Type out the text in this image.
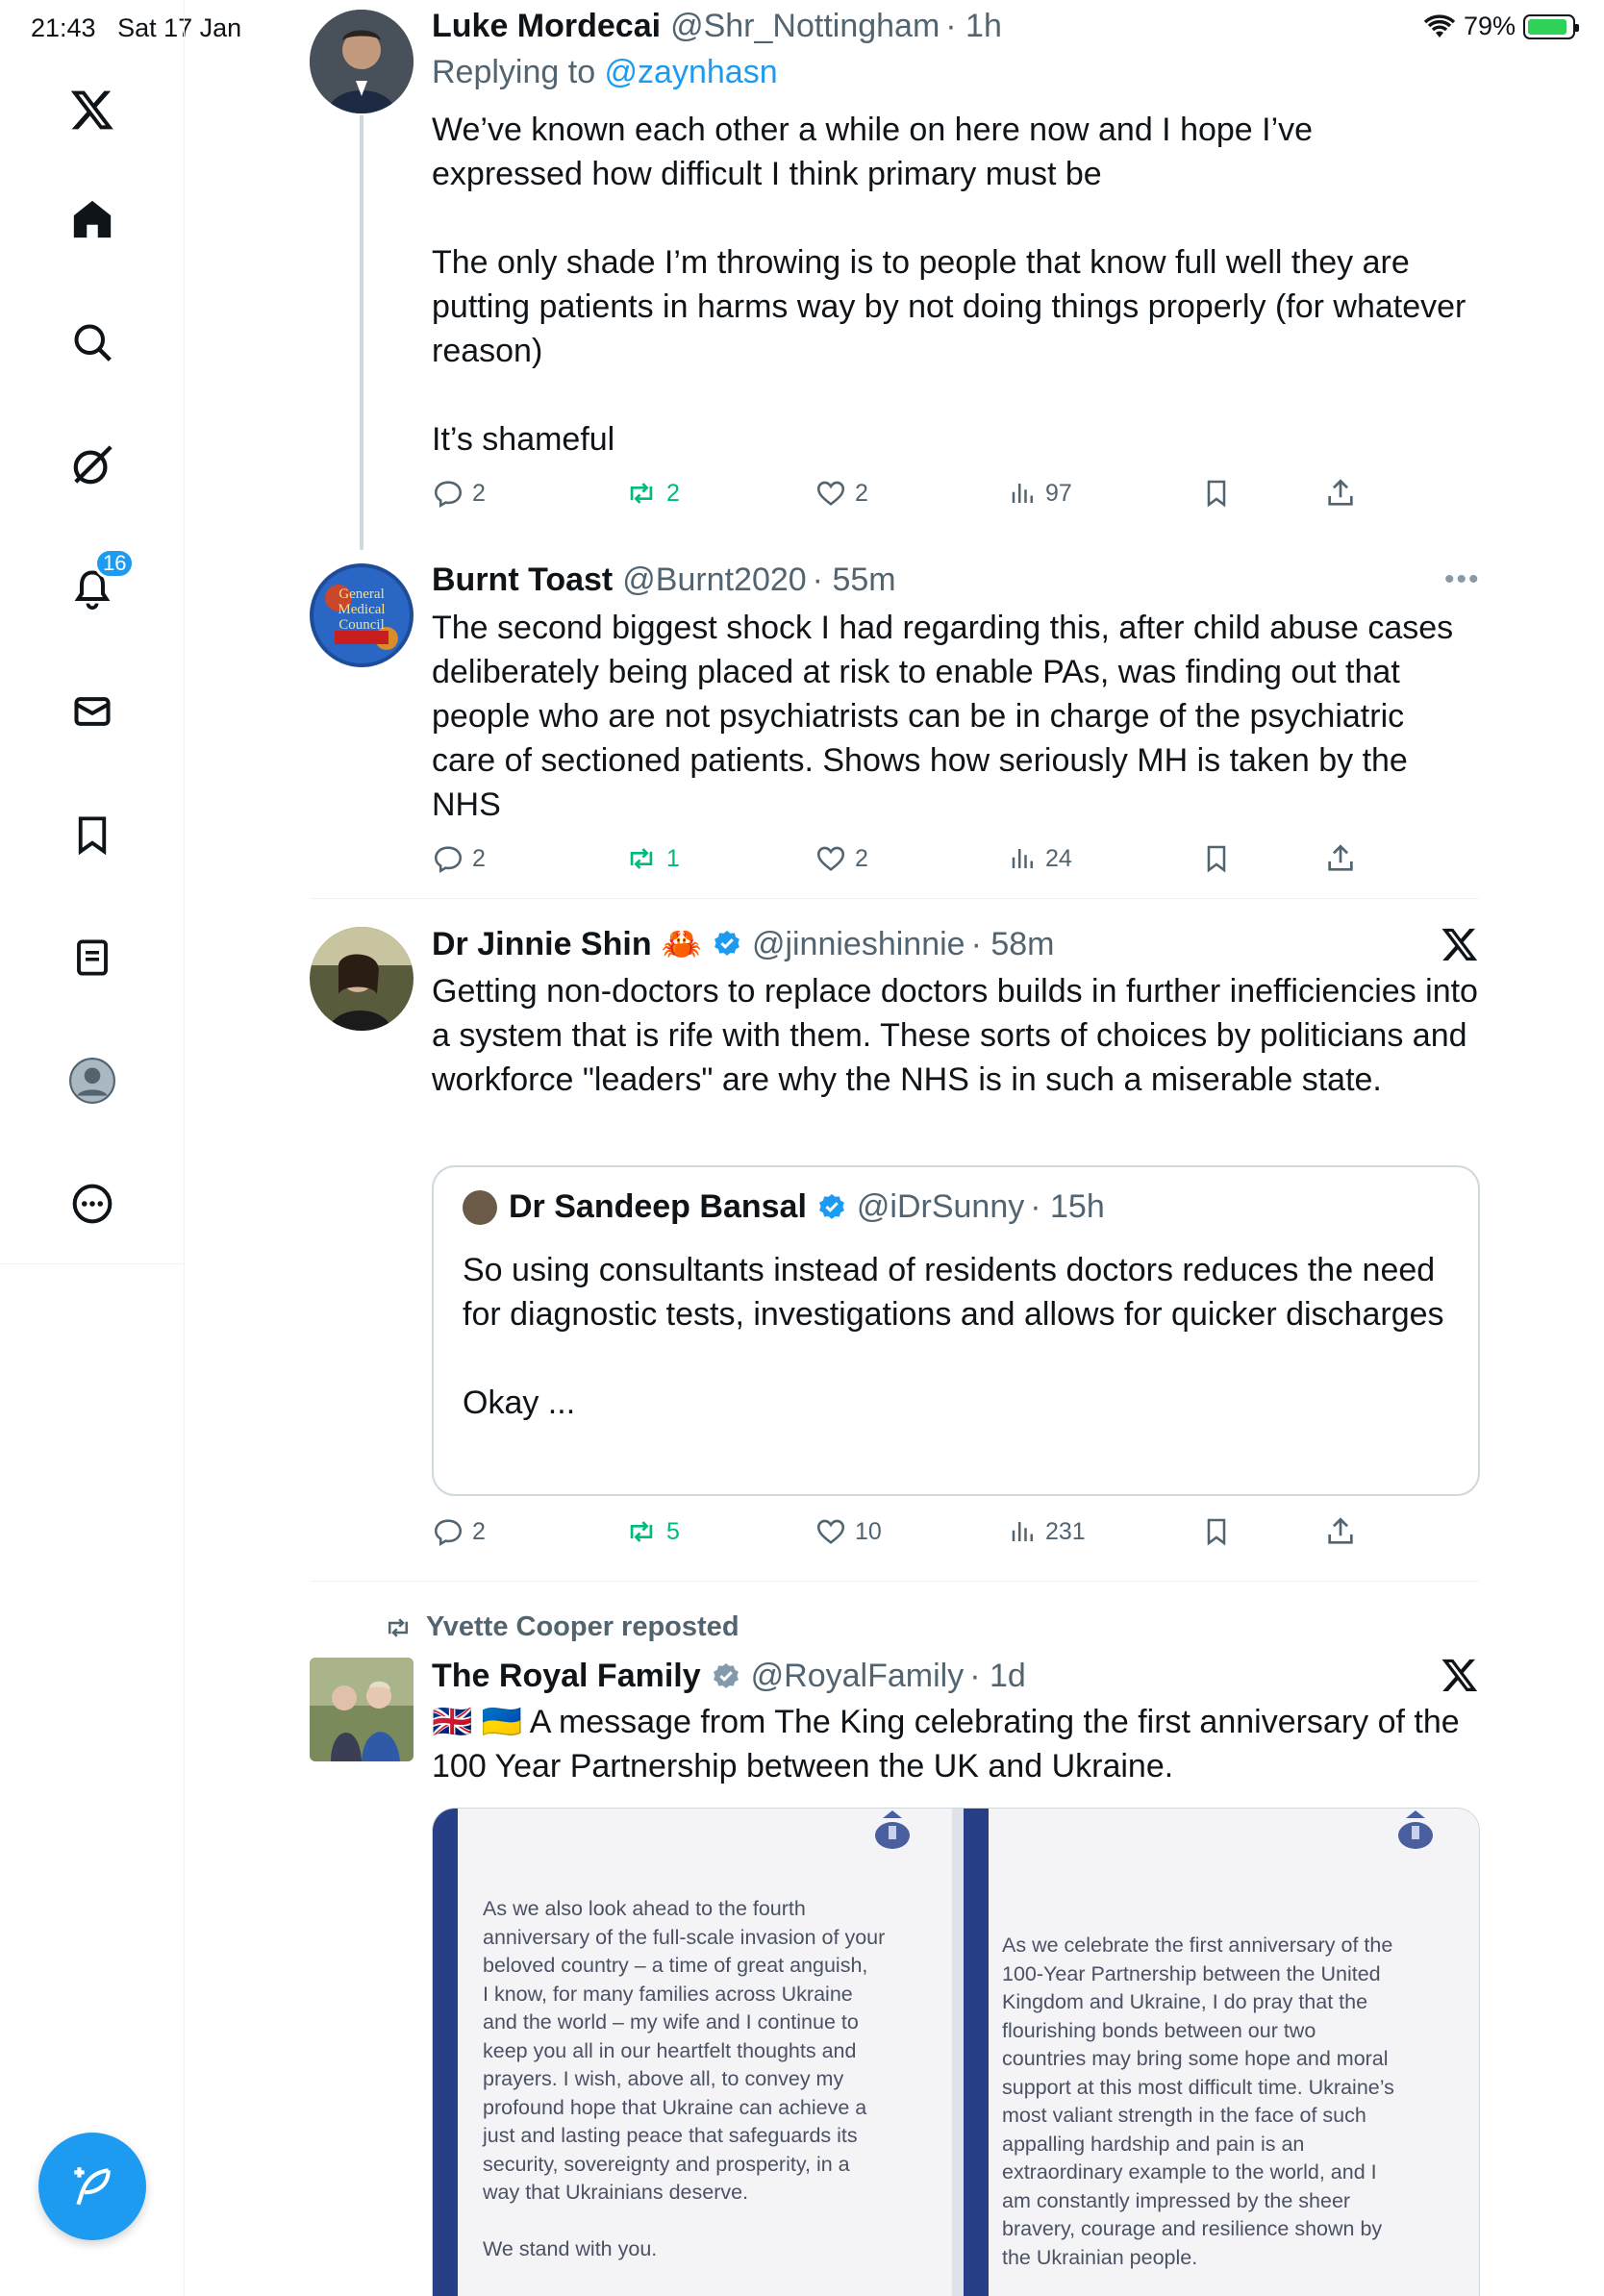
21:43 Sat 17 Jan	79%
16
Luke Mordecai @Shr_Nottingham · 1h
Replying to @zaynhasn
We’ve known each other a while on here now and I hope I’ve expressed how difficult I think primary must be

The only shade I’m throwing is to people that know full well they are putting patients in harms way by not doing things properly (for whatever reason)

It’s shameful
2	2	2	97
General Medical Council
Burnt Toast @Burnt2020 · 55m	•••
The second biggest shock I had regarding this, after child abuse cases deliberately being placed at risk to enable PAs, was finding out that people who are not psychiatrists can be in charge of the psychiatric care of sectioned patients. Shows how seriously MH is taken by the NHS
2	1	2	24
Dr Jinnie Shin 🦀 @jinnieshinnie · 58m
Getting non-doctors to replace doctors builds in further inefficiencies into a system that is rife with them. These sorts of choices by politicians and workforce "leaders" are why the NHS is in such a miserable state.
Dr Sandeep Bansal @iDrSunny · 15h
So using consultants instead of residents doctors reduces the need for diagnostic tests, investigations and allows for quicker discharges

Okay ...
2	5	10	231
Yvette Cooper reposted
The Royal Family @RoyalFamily · 1d
🇬🇧 🇺🇦 A message from The King celebrating the first anniversary of the 100 Year Partnership between the UK and Ukraine.
As we also look ahead to the fourth
anniversary of the full-scale invasion of your
beloved country – a time of great anguish,
I know, for many families across Ukraine
and the world – my wife and I continue to
keep you all in our heartfelt thoughts and
prayers. I wish, above all, to convey my
profound hope that Ukraine can achieve a
just and lasting peace that safeguards its
security, sovereignty and prosperity, in a
way that Ukrainians deserve.

We stand with you.
As we celebrate the first anniversary of the
100-Year Partnership between the United
Kingdom and Ukraine, I do pray that the
flourishing bonds between our two
countries may bring some hope and moral
support at this most difficult time. Ukraine’s
most valiant strength in the face of such
appalling hardship and pain is an
extraordinary example to the world, and I
am constantly impressed by the sheer
bravery, courage and resilience shown by
the Ukrainian people.
